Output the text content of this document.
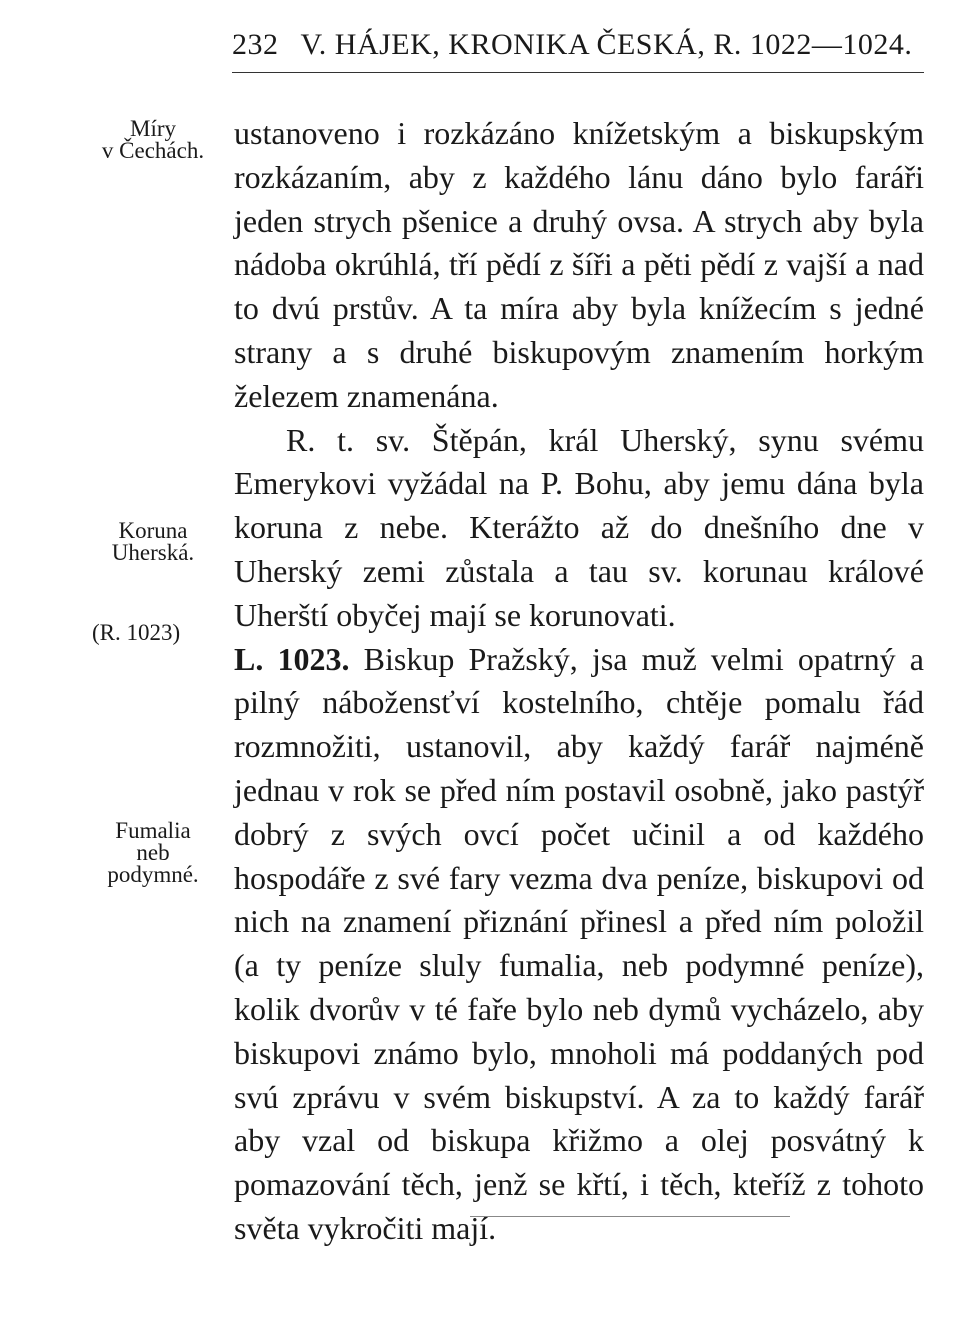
232 V. HÁJEK, KRONIKA ČESKÁ, R. 1022—1024.
Míry
v Čechách.
Koruna
Uherská.
(R. 1023)
Fumalia
neb
podymné.

ustanoveno i rozkázáno knížetským a biskupským rozkázaním, aby z každého lánu dáno bylo faráři jeden strych pšenice a druhý ovsa. A strych aby byla nádoba okrúhlá, tří pědí z šíři a pěti pědí z vajší a nad to dvú prstův. A ta míra aby byla knížecím s jedné strany a s druhé biskupovým znamením horkým železem znamenána.

R. t. sv. Štěpán, král Uherský, synu svému Emerykovi vyžádal na P. Bohu, aby jemu dána byla koruna z nebe. Kterážto až do dnešního dne v Uherský zemi zůstala a tau sv. korunau králové Uherští obyčej mají se korunovati.

L. 1023. Biskup Pražský, jsa muž velmi opatrný a pilný nábožensťví kostelního, chtěje pomalu řád rozmnožiti, ustanovil, aby každý farář najméně jednau v rok se před ním postavil osobně, jako pastýř dobrý z svých ovcí počet učinil a od každého hospodáře z své fary vezma dva peníze, biskupovi od nich na znamení přiznání přinesl a před ním položil (a ty peníze sluly fumalia, neb podymné peníze), kolik dvorův v té faře bylo neb dymů vycházelo, aby biskupovi známo bylo, mnoholi má poddaných pod svú zprávu v svém biskupství. A za to každý farář aby vzal od biskupa křižmo a olej posvátný k pomazování těch, jenž se křtí, i těch, kteříž z tohoto světa vykročiti mají.
